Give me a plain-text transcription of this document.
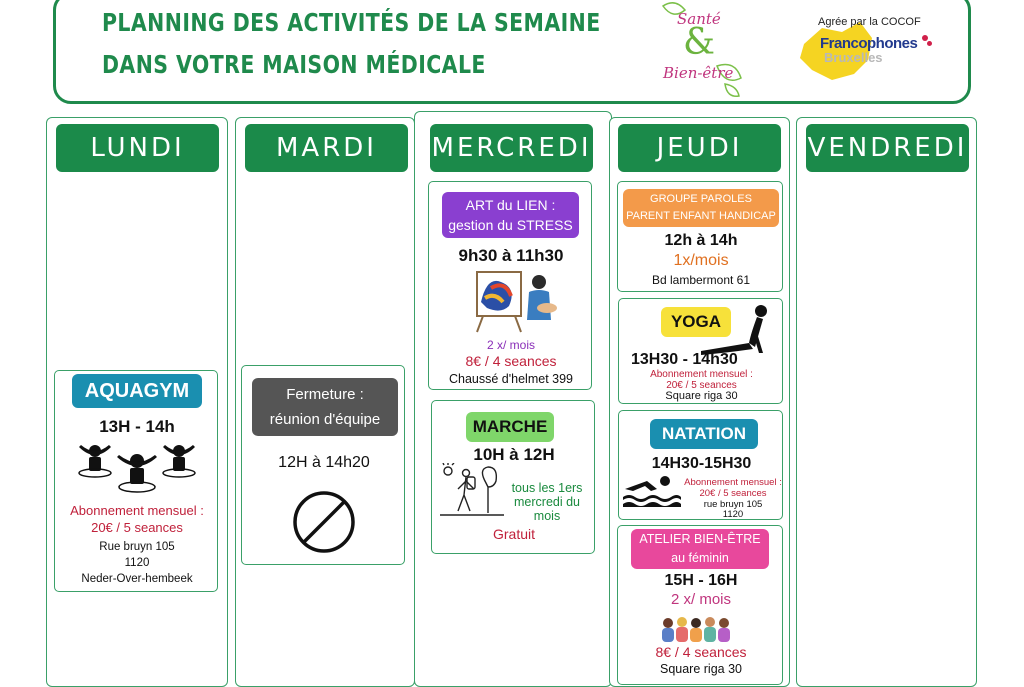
PLANNING DES ACTIVITÉS DE LA SEMAINE
DANS VOTRE MAISON MÉDICALE
Santé
&
Bien-être
Agrée par la COCOF
Francophones
Bruxelles
LUNDI	MARDI	MERCREDI	JEUDI	VENDREDI
AQUAGYM
13H - 14h
Abonnement mensuel :
20€ / 5 seances
Rue bruyn 105
1120
Neder-Over-hembeek
Fermeture :
réunion d'équipe
12H à 14h20
ART du LIEN :
gestion du STRESS
9h30 à 11h30
2 x/ mois
8€ / 4 seances
Chaussé d'helmet 399
MARCHE
10H à 12H
tous les 1ers
mercredi du
mois
Gratuit
GROUPE PAROLES
PARENT ENFANT HANDICAP
12h à 14h
1x/mois
Bd lambermont 61
YOGA
13H30 - 14h30
Abonnement mensuel :
20€ / 5 seances
Square riga 30
NATATION
14H30-15H30
Abonnement mensuel :
20€ / 5 seances
rue bruyn 105
1120
ATELIER BIEN-ÊTRE
au féminin
15H - 16H
2 x/ mois
8€ / 4 seances
Square riga 30
